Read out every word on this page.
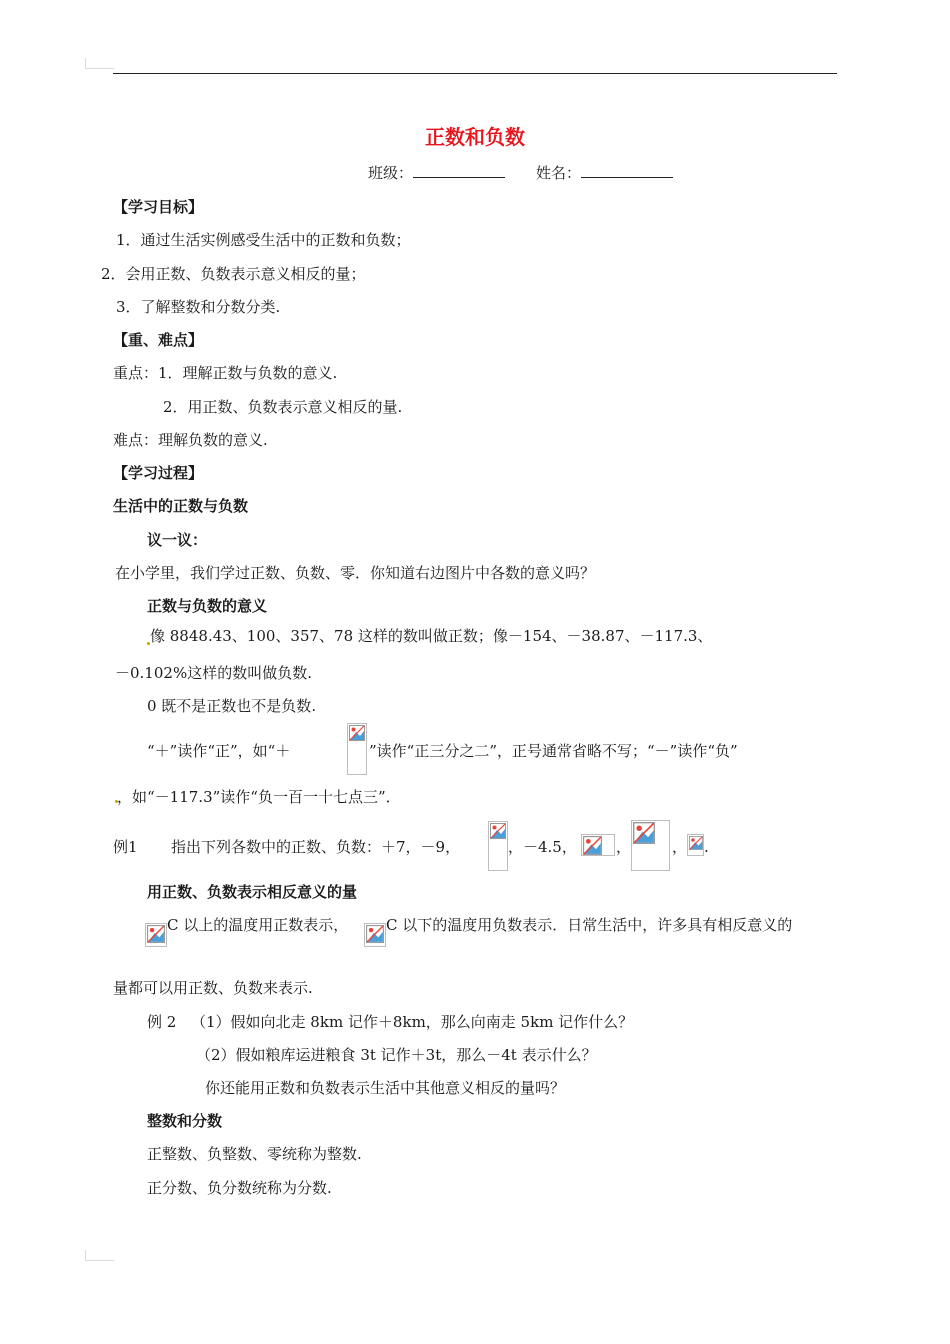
正数和负数
班级：	姓名：
【学习目标】
1．通过生活实例感受生活中的正数和负数；
2．会用正数、负数表示意义相反的量；
3．了解整数和分数分类.
【重、难点】
重点：1．理解正数与负数的意义.
2．用正数、负数表示意义相反的量.
难点：理解负数的意义.
【学习过程】
生活中的正数与负数
议一议：
在小学里，我们学过正数、负数、零．你知道右边图片中各数的意义吗？
正数与负数的意义
像 8848.43、100、357、78 这样的数叫做正数；像－154、－38.87、－117.3、
－0.102%这样的数叫做负数.
0 既不是正数也不是负数.
“＋”读作“正”，如“＋	”读作“正三分之二”，正号通常省略不写；“－”读作“负”
，如“－117.3”读作“负一百一十七点三”．
例1 指出下列各数中的正数、负数：＋7，－9，	，－4.5，	，	， .
用正数、负数表示相反意义的量
C 以上的温度用正数表示，	C 以下的温度用负数表示．日常生活中，许多具有相反意义的
量都可以用正数、负数来表示.
例 2 （1）假如向北走 8km 记作＋8km，那么向南走 5km 记作什么？
（2）假如粮库运进粮食 3t 记作＋3t，那么－4t 表示什么？
你还能用正数和负数表示生活中其他意义相反的量吗？
整数和分数
正整数、负整数、零统称为整数.
正分数、负分数统称为分数.
